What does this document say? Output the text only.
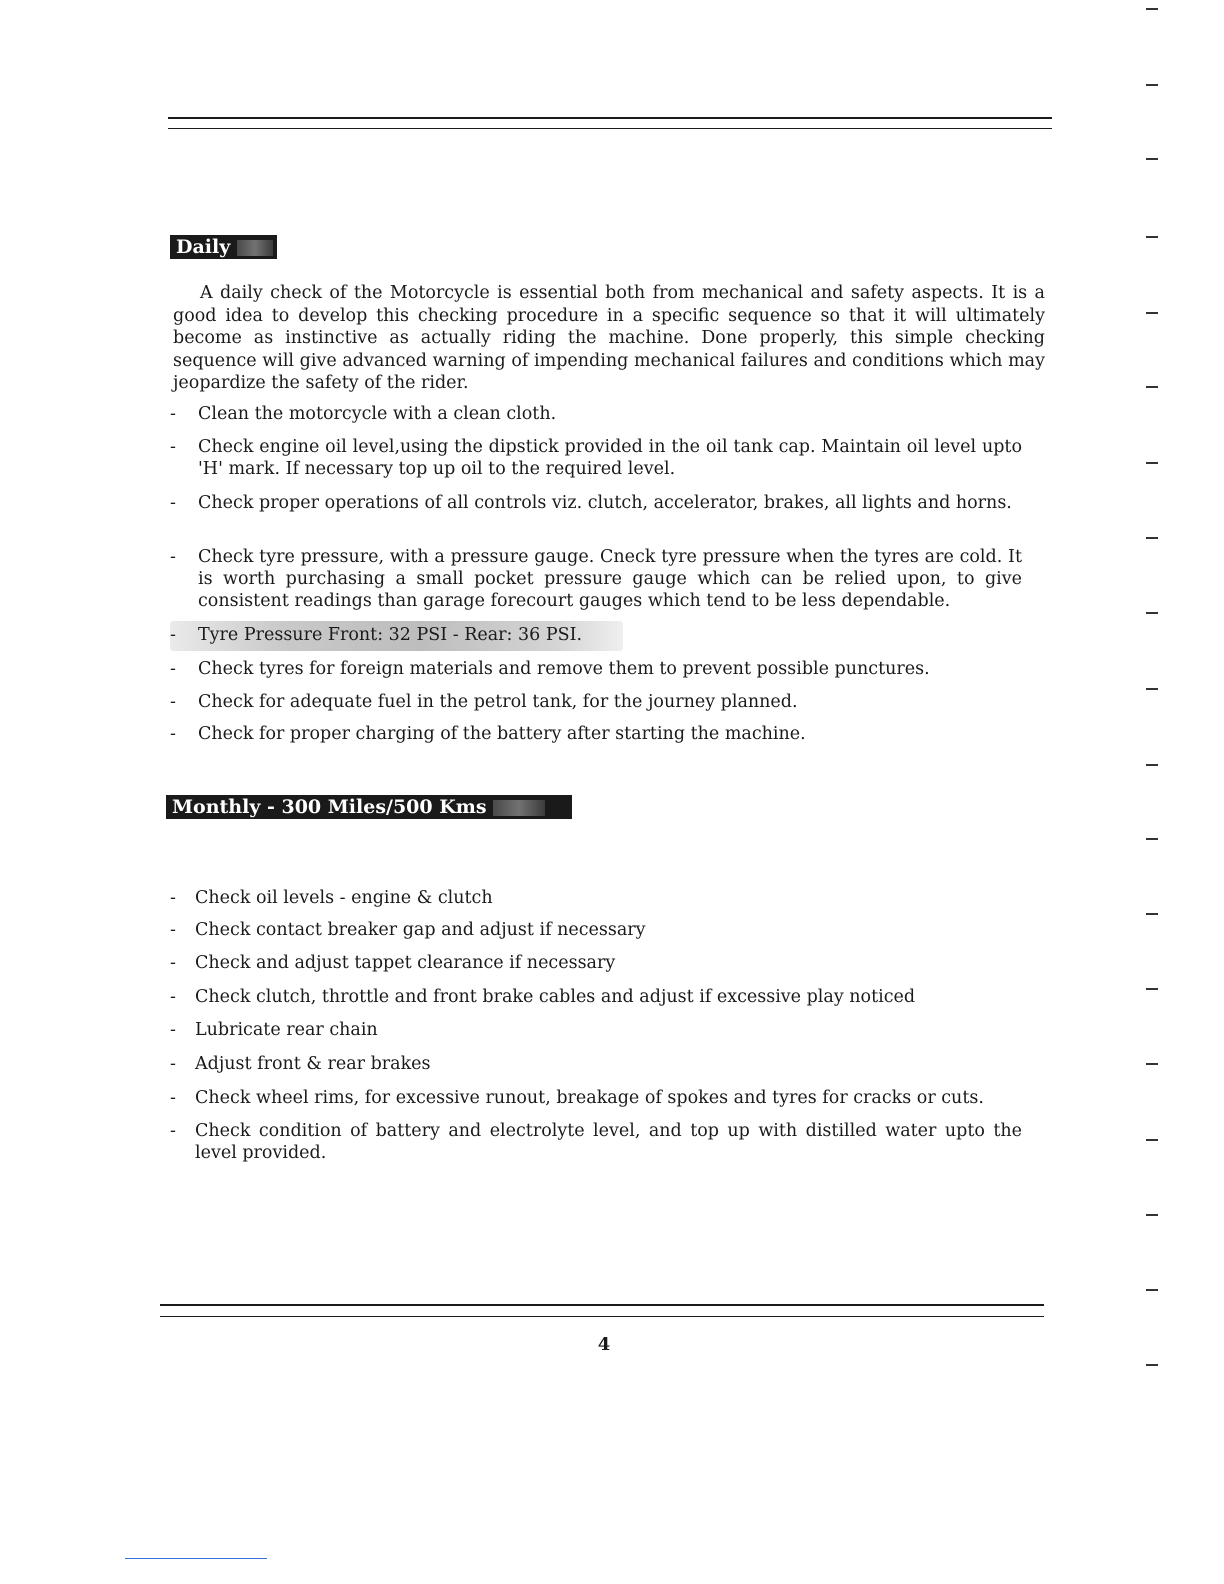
Daily

A daily check of the Motorcycle is essential both from mechanical and safety aspects. It is a good idea to develop this checking procedure in a specific sequence so that it will ultimately become as instinctive as actually riding the machine. Done properly, this simple checking sequence will give advanced warning of impending mechanical failures and conditions which may jeopardize the safety of the rider.

- Clean the motorcycle with a clean cloth.

- Check engine oil level,using the dipstick provided in the oil tank cap. Maintain oil level upto 'H' mark. If necessary top up oil to the required level.

- Check proper operations of all controls viz. clutch, accelerator, brakes, all lights and horns.

- Check tyre pressure, with a pressure gauge. Cneck tyre pressure when the tyres are cold. It is worth purchasing a small pocket pressure gauge which can be relied upon, to give consistent readings than garage forecourt gauges which tend to be less dependable.

- Tyre Pressure Front: 32 PSI - Rear: 36 PSI.

- Check tyres for foreign materials and remove them to prevent possible punctures.

- Check for adequate fuel in the petrol tank, for the journey planned.

- Check for proper charging of the battery after starting the machine.

Monthly - 300 Miles/500 Kms

- Check oil levels - engine & clutch

- Check contact breaker gap and adjust if necessary

- Check and adjust tappet clearance if necessary

- Check clutch, throttle and front brake cables and adjust if excessive play noticed

- Lubricate rear chain

- Adjust front & rear brakes

- Check wheel rims, for excessive runout, breakage of spokes and tyres for cracks or cuts.

- Check condition of battery and electrolyte level, and top up with distilled water upto the level provided.

4
